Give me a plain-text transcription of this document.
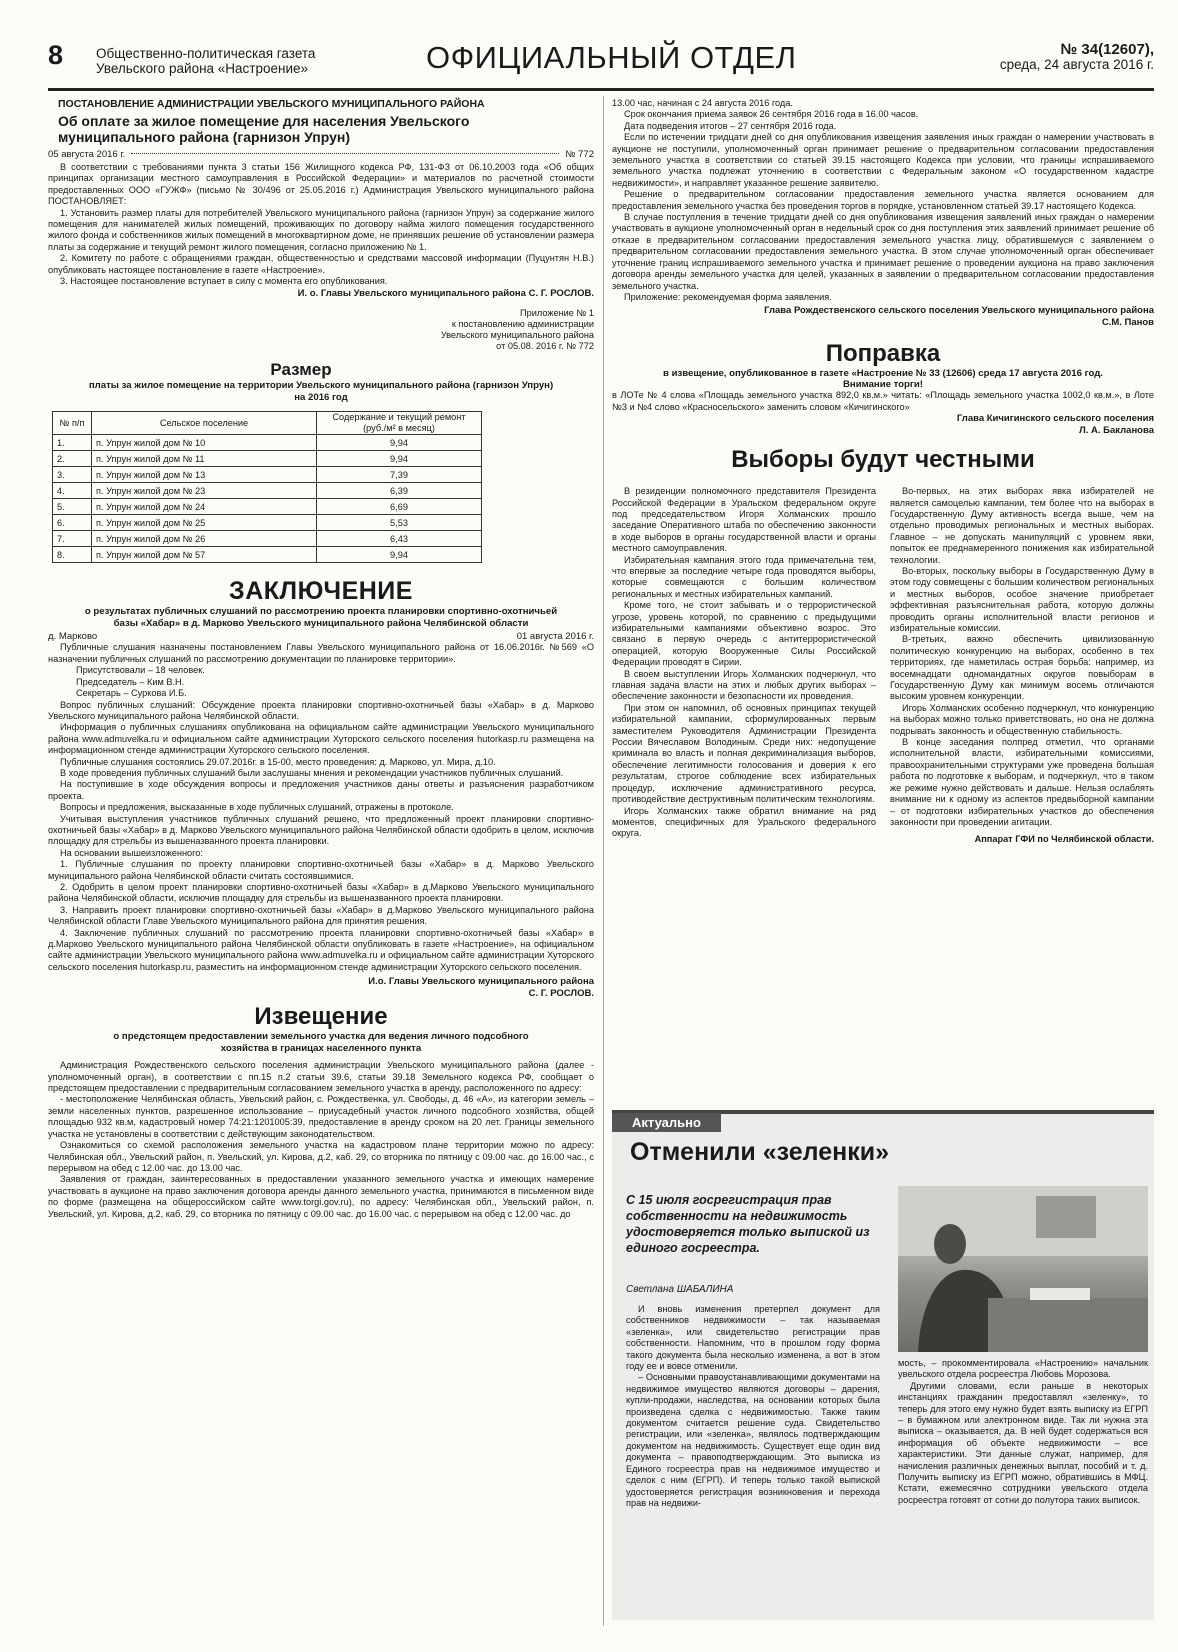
8 Общественно-политическая газета
Увельского района «Настроение»	ОФИЦИАЛЬНЫЙ ОТДЕЛ	№ 34(12607),
среда, 24 августа 2016 г.
ПОСТАНОВЛЕНИЕ АДМИНИСТРАЦИИ УВЕЛЬСКОГО МУНИЦИПАЛЬНОГО РАЙОНА
Об оплате за жилое помещение для населения Увельского муниципального района (гарнизон Упрун)
05 августа 2016 г.	№ 772

В соответствии с требованиями пункта 3 статьи 156 Жилищного кодекса РФ, 131-ФЗ от 06.10.2003 года «Об общих принципах организации местного самоуправления в Российской Федерации» и материалов по расчетной стоимости предоставленных ООО «ГУЖФ» (письмо № 30/496 от 25.05.2016 г.) Администрация Увельского муниципального района ПОСТАНОВЛЯЕТ:

1. Установить размер платы для потребителей Увельского муниципального района (гарнизон Упрун) за содержание жилого помещения для нанимателей жилых помещений, проживающих по договору найма жилого помещения государственного жилого фонда и собственников жилых помещений в многоквартирном доме, не принявших решение об установлении размера платы за содержание и текущий ремонт жилого помещения, согласно приложению № 1.

2. Комитету по работе с обращениями граждан, общественностью и средствами массовой информации (Пуцунтян Н.В.) опубликовать настоящее постановление в газете «Настроение».

3. Настоящее постановление вступает в силу с момента его опубликования.

И. о. Главы Увельского муниципального района С. Г. РОСЛОВ.
Приложение № 1
к постановлению администрации
Увельского муниципального района
от 05.08. 2016 г. № 772
Размер
платы за жилое помещение на территории Увельского муниципального района (гарнизон Упрун) на 2016 год
№ п/п	Сельское поселение	Содержание и текущий ремонт (руб./м² в месяц)
1.	п. Упрун жилой дом № 10	9,94
2.	п. Упрун жилой дом № 11	9,94
3.	п. Упрун жилой дом № 13	7,39
4.	п. Упрун жилой дом № 23	6,39
5.	п. Упрун жилой дом № 24	6,69
6.	п. Упрун жилой дом № 25	5,53
7.	п. Упрун жилой дом № 26	6,43
8.	п. Упрун жилой дом № 57	9,94
ЗАКЛЮЧЕНИЕ
о результатах публичных слушаний по рассмотрению проекта планировки спортивно-охотничьей базы «Хабар» в д. Марково Увельского муниципального района Челябинской области
д. Марково	01 августа 2016 г.

Публичные слушания назначены постановлением Главы Увельского муниципального района от 16.06.2016г. №569 «О назначении публичных слушаний по рассмотрению документации по планировке территории».

Присутствовали – 18 человек.

Председатель – Ким В.Н.

Секретарь – Суркова И.Б.

Вопрос публичных слушаний: Обсуждение проекта планировки спортивно-охотничьей базы «Хабар» в д. Марково Увельского муниципального района Челябинской области.

Информация о публичных слушаниях опубликована на официальном сайте администрации Увельского муниципального района www.admuvelka.ru и официальном сайте администрации Хуторского сельского поселения hutorkasp.ru размещена на информационном стенде администрации Хуторского сельского поселения.

Публичные слушания состоялись 29.07.2016г. в 15-00, место проведения: д. Марково, ул. Мира, д.10.

В ходе проведения публичных слушаний были заслушаны мнения и рекомендации участников публичных слушаний.

На поступившие в ходе обсуждения вопросы и предложения участников даны ответы и разъяснения разработчиком проекта.

Вопросы и предложения, высказанные в ходе публичных слушаний, отражены в протоколе.

Учитывая выступления участников публичных слушаний решено, что предложенный проект планировки спортивно-охотничьей базы «Хабар» в д. Марково Увельского муниципального района Челябинской области одобрить в целом, исключив площадку для стрельбы из вышеназванного проекта планировки.

На основании вышеизложенного:

1. Публичные слушания по проекту планировки спортивно-охотничьей базы «Хабар» в д. Марково Увельского муниципального района Челябинской области считать состоявшимися.

2. Одобрить в целом проект планировки спортивно-охотничьей базы «Хабар» в д.Марково Увельского муниципального района Челябинской области, исключив площадку для стрельбы из вышеназванного проекта планировки.

3. Направить проект планировки спортивно-охотничьей базы «Хабар» в д.Марково Увельского муниципального района Челябинской области Главе Увельского муниципального района для принятия решения.

4. Заключение публичных слушаний по рассмотрению проекта планировки спортивно-охотничьей базы «Хабар» в д.Марково Увельского муниципального района Челябинской области опубликовать в газете «Настроение», на официальном сайте администрации Увельского муниципального района www.admuvelka.ru и официальном сайте администрации Хуторского сельского поселения hutorkasp.ru, разместить на информационном стенде администрации Хуторского сельского поселения.

И.о. Главы Увельского муниципального района
С. Г. РОСЛОВ.
Извещение
о предстоящем предоставлении земельного участка для ведения личного подсобного хозяйства в границах населенного пункта

Администрация Рождественского сельского поселения администрации Увельского муниципального района (далее - уполномоченный орган), в соответствии с пп.15 п.2 статьи 39.6, статьи 39.18 Земельного кодекса РФ, сообщает о предстоящем предоставлении с предварительным согласованием земельного участка в аренду, расположенного по адресу:

- местоположение Челябинская область, Увельский район, с. Рождественка, ул. Свободы, д. 46 «А», из категории земель – земли населенных пунктов, разрешенное использование – приусадебный участок личного подсобного хозяйства, общей площадью 932 кв.м, кадастровый номер 74:21:1201005:39, предоставление в аренду сроком на 20 лет. Границы земельного участка не установлены в соответствии с действующим законодательством.

Ознакомиться со схемой расположения земельного участка на кадастровом плане территории можно по адресу: Челябинская обл., Увельский район, п. Увельский, ул. Кирова, д.2, каб. 29, со вторника по пятницу с 09.00 час. до 16.00 час., с перерывом на обед с 12.00 час. до 13.00 час.

Заявления от граждан, заинтересованных в предоставлении указанного земельного участка и имеющих намерение участвовать в аукционе на право заключения договора аренды данного земельного участка, принимаются в письменном виде по форме (размещена на общероссийском сайте www.torgi.gov.ru), по адресу: Челябинская обл., Увельский район, п. Увельский, ул. Кирова, д.2, каб. 29, со вторника по пятницу с 09.00 час. до 16.00 час. с перерывом на обед с 12.00 час. до

13.00 час, начиная с 24 августа 2016 года.

Срок окончания приема заявок 26 сентября 2016 года в 16.00 часов.

Дата подведения итогов – 27 сентября 2016 года.

Если по истечении тридцати дней со дня опубликования извещения заявления иных граждан о намерении участвовать в аукционе не поступили, уполномоченный орган принимает решение о предварительном согласовании предоставления земельного участка в соответствии со статьей 39.15 настоящего Кодекса при условии, что границы испрашиваемого земельного участка подлежат уточнению в соответствии с Федеральным законом «О государственном кадастре недвижимости», и направляет указанное решение заявителю.

Решение о предварительном согласовании предоставления земельного участка является основанием для предоставления земельного участка без проведения торгов в порядке, установленном статьей 39.17 настоящего Кодекса.

В случае поступления в течение тридцати дней со дня опубликования извещения заявлений иных граждан о намерении участвовать в аукционе уполномоченный орган в недельный срок со дня поступления этих заявлений принимает решение об отказе в предварительном согласовании предоставления земельного участка лицу, обратившемуся с заявлением о предварительном согласовании предоставления земельного участка. В этом случае уполномоченный орган обеспечивает уточнение границ испрашиваемого земельного участка и принимает решение о проведении аукциона на право заключения договора аренды земельного участка для целей, указанных в заявлении о предварительном согласовании предоставления земельного участка.

Приложение: рекомендуемая форма заявления.

Глава Рождественского сельского поселения Увельского муниципального района
С.М. Панов
Поправка
в извещение, опубликованное в газете «Настроение № 33 (12606) среда 17 августа 2016 год.
Внимание торги!
в ЛОТе № 4 слова «Площадь земельного участка 892,0 кв.м.» читать: «Площадь земельного участка 1002,0 кв.м.», в Лоте №3 и №4 слово «Красносельского» заменить словом «Кичигинского»
Глава Кичигинского сельского поселения
Л. А. Бакланова
Выборы будут честными

В резиденции полномочного представителя Президента Российской Федерации в Уральском федеральном округе под председательством Игоря Холманских прошло заседание Оперативного штаба по обеспечению законности в ходе выборов в органы государственной власти и органы местного самоуправления.

Избирательная кампания этого года примечательна тем, что впервые за последние четыре года проводятся выборы, которые совмещаются с большим количеством региональных и местных избирательных кампаний.

Кроме того, не стоит забывать и о террористической угрозе, уровень которой, по сравнению с предыдущими избирательными кампаниями объективно возрос. Это связано в первую очередь с антитеррористической операцией, которую Вооруженные Силы Российской Федерации проводят в Сирии.

В своем выступлении Игорь Холманских подчеркнул, что главная задача власти на этих и любых других выборах – обеспечение законности и безопасности их проведения.

При этом он напомнил, об основных принципах текущей избирательной кампании, сформулированных первым заместителем Руководителя Администрации Президента России Вячеславом Володиным. Среди них: недопущение криминала во власть и полная декриминализация выборов, обеспечение легитимности голосования и доверия к его результатам, строгое соблюдение всех избирательных процедур, исключение административного ресурса, противодействие деструктивным политическим технологиям.

Игорь Холманских также обратил внимание на ряд моментов, специфичных для Уральского федерального округа.

Во-первых, на этих выборах явка избирателей не является самоцелью кампании, тем более что на выборах в Государственную Думу активность всегда выше, чем на отдельно проводимых региональных и местных выборах. Главное – не допускать манипуляций с уровнем явки, попыток ее преднамеренного понижения как избирательной технологии.

Во-вторых, поскольку выборы в Государственную Думу в этом году совмещены с большим количеством региональных и местных выборов, особое значение приобретает эффективная разъяснительная работа, которую должны проводить органы исполнительной власти регионов и избирательные комиссии.

В-третьих, важно обеспечить цивилизованную политическую конкуренцию на выборах, особенно в тех территориях, где наметилась острая борьба: например, из восемнадцати одномандатных округов повыборам в Государственную Думу как минимум восемь отличаются высоким уровнем конкуренции.

Игорь Холманских особенно подчеркнул, что конкуренцию на выборах можно только приветствовать, но она не должна подрывать законность и общественную стабильность.

В конце заседания полпред отметил, что органами исполнительной власти, избирательными комиссиями, правоохранительными структурами уже проведена большая работа по подготовке к выборам, и подчеркнул, что в таком же режиме нужно действовать и дальше. Нельзя ослаблять внимание ни к одному из аспектов предвыборной кампании – от подготовки избирательных участков до обеспечения законности при проведении агитации.

Аппарат ГФИ по Челябинской области.
Актуально
Отменили «зеленки»
С 15 июля госрегистрация прав собственности на недвижимость удостоверяется только выпиской из единого госреестра.
Светлана ШАБАЛИНА

И вновь изменения претерпел документ для собственников недвижимости – так называемая «зеленка», или свидетельство регистрации прав собственности. Напомним, что в прошлом году форма такого документа была несколько изменена, а вот в этом году ее и вовсе отменили.

– Основными правоустанавливающими документами на недвижимое имущество являются договоры – дарения, купли-продажи, наследства, на основании которых была произведена сделка с недвижимостью. Также таким документом считается решение суда. Свидетельство регистрации, или «зеленка», являлось подтверждающим документом на недвижимость. Существует еще один вид документа – правоподтверждающим. Это выписка из Единого госреестра прав на недвижимое имущество и сделок с ним (ЕГРП). И теперь только такой выпиской удостоверяется регистрация возникновения и перехода прав на недвижи-

мость, – прокомментировала «Настроению» начальник увельского отдела росреестра Любовь Морозова.

Другими словами, если раньше в некоторых инстанциях гражданин предоставлял «зеленку», то теперь для этого ему нужно будет взять выписку из ЕГРП – в бумажном или электронном виде. Так ли нужна эта выписка – оказывается, да. В ней будет содержаться вся информация об объекте недвижимости – все характеристики. Эти данные служат, например, для начисления различных денежных выплат, пособий и т. д. Получить выписку из ЕГРП можно, обратившись в МФЦ. Кстати, ежемесячно сотрудники увельского отдела росреестра готовят от сотни до полутора таких выписок.
